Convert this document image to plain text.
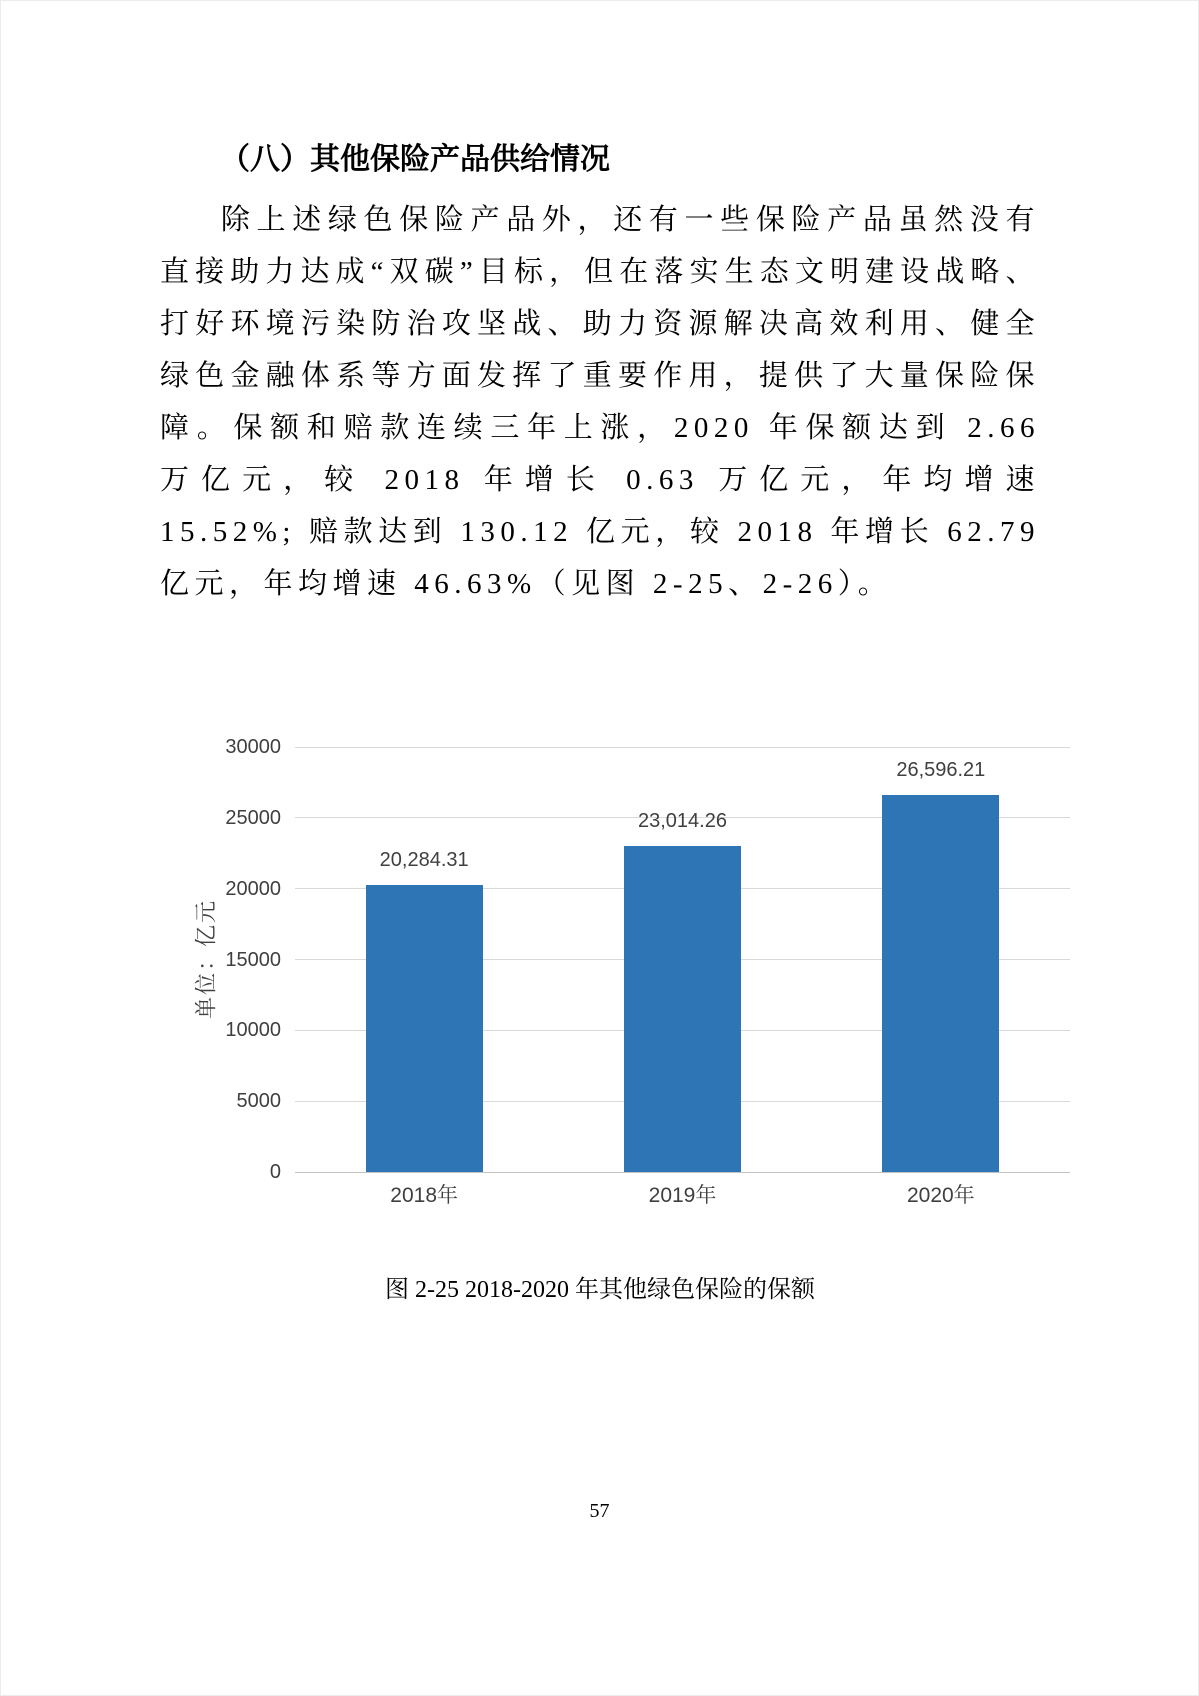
（八）其他保险产品供给情况
除上述绿色保险产品外，还有一些保险产品虽然没有直接助力达成“双碳”目标，但在落实生态文明建设战略、打好环境污染防治攻坚战、助力资源解决高效利用、健全绿色金融体系等方面发挥了重要作用，提供了大量保险保障。保额和赔款连续三年上涨，2020 年保额达到 2.66 万亿元，较 2018 年增长 0.63 万亿元，年均增速 15.52%; 赔款达到 130.12 亿元，较 2018 年增长 62.79 亿元，年均增速 46.63%（见图 2-25、2-26）。
单位：亿元
30000
25000
20000
15000
10000
5000
0
20,284.31
2018年
23,014.26
2019年
26,596.21
2020年
图 2-25 2018-2020 年其他绿色保险的保额
57
